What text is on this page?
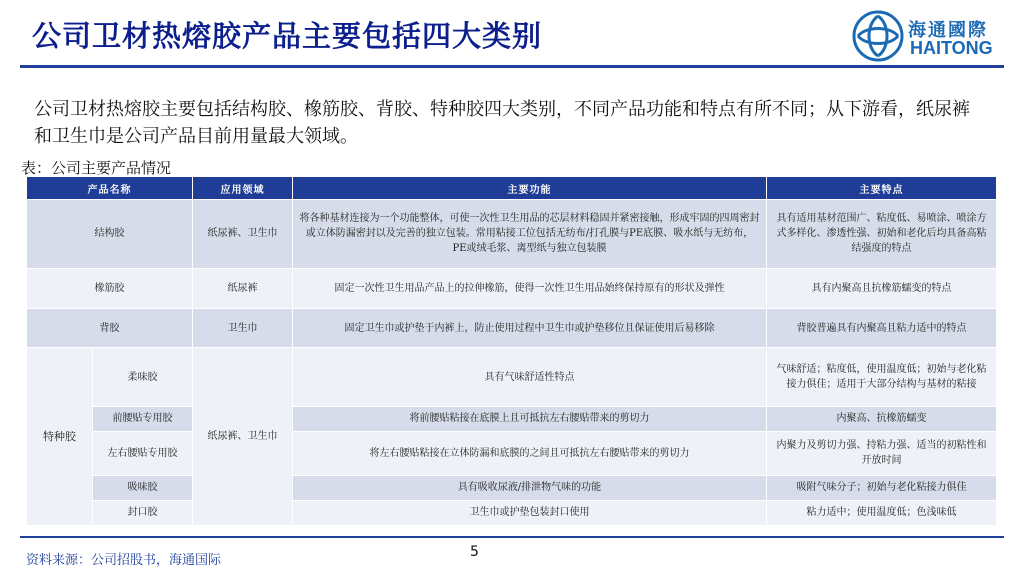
公司卫材热熔胶产品主要包括四大类别	海通國際
HAITONG
公司卫材热熔胶主要包括结构胶、橡筋胶、背胶、特种胶四大类别，不同产品功能和特点有所不同；从下游看，纸尿裤和卫生巾是公司产品目前用量最大领域。
表：公司主要产品情况
产品名称		应用领域	主要功能	主要特点
结构胶		纸尿裤、卫生巾	将各种基材连接为一个功能整体，可使一次性卫生用品的芯层材料稳固并紧密接触，形成牢固的四周密封或立体防漏密封以及完善的独立包装。常用粘接工位包括无纺布/打孔膜与PE底膜、吸水纸与无纺布，PE或绒毛浆、离型纸与独立包装膜	具有适用基材范围广、粘度低、易喷涂、喷涂方式多样化、渗透性强、初始和老化后均具备高粘结强度的特点
橡筋胶		纸尿裤	固定一次性卫生用品产品上的拉伸橡筋，使得一次性卫生用品始终保持原有的形状及弹性	具有内聚高且抗橡筋蠕变的特点
背胶		卫生巾	固定卫生巾或护垫于内裤上，防止使用过程中卫生巾或护垫移位且保证使用后易移除	背胶普遍具有内聚高且粘力适中的特点
特种胶	柔味胶	纸尿裤、卫生巾	具有气味舒适性特点	气味舒适；粘度低，使用温度低；初始与老化粘接力俱佳；适用于大部分结构与基材的粘接
	前腰贴专用胶		将前腰贴粘接在底膜上且可抵抗左右腰贴带来的剪切力	内聚高、抗橡筋蠕变
	左右腰贴专用胶		将左右腰贴粘接在立体防漏和底膜的之间且可抵抗左右腰贴带来的剪切力	内聚力及剪切力强、持粘力强、适当的初粘性和开放时间
	吸味胶		具有吸收尿液/排泄物气味的功能	吸附气味分子；初始与老化粘接力俱佳
	封口胶		卫生巾或护垫包装封口使用	粘力适中；使用温度低；色浅味低
资料来源：公司招股书，海通国际
5
